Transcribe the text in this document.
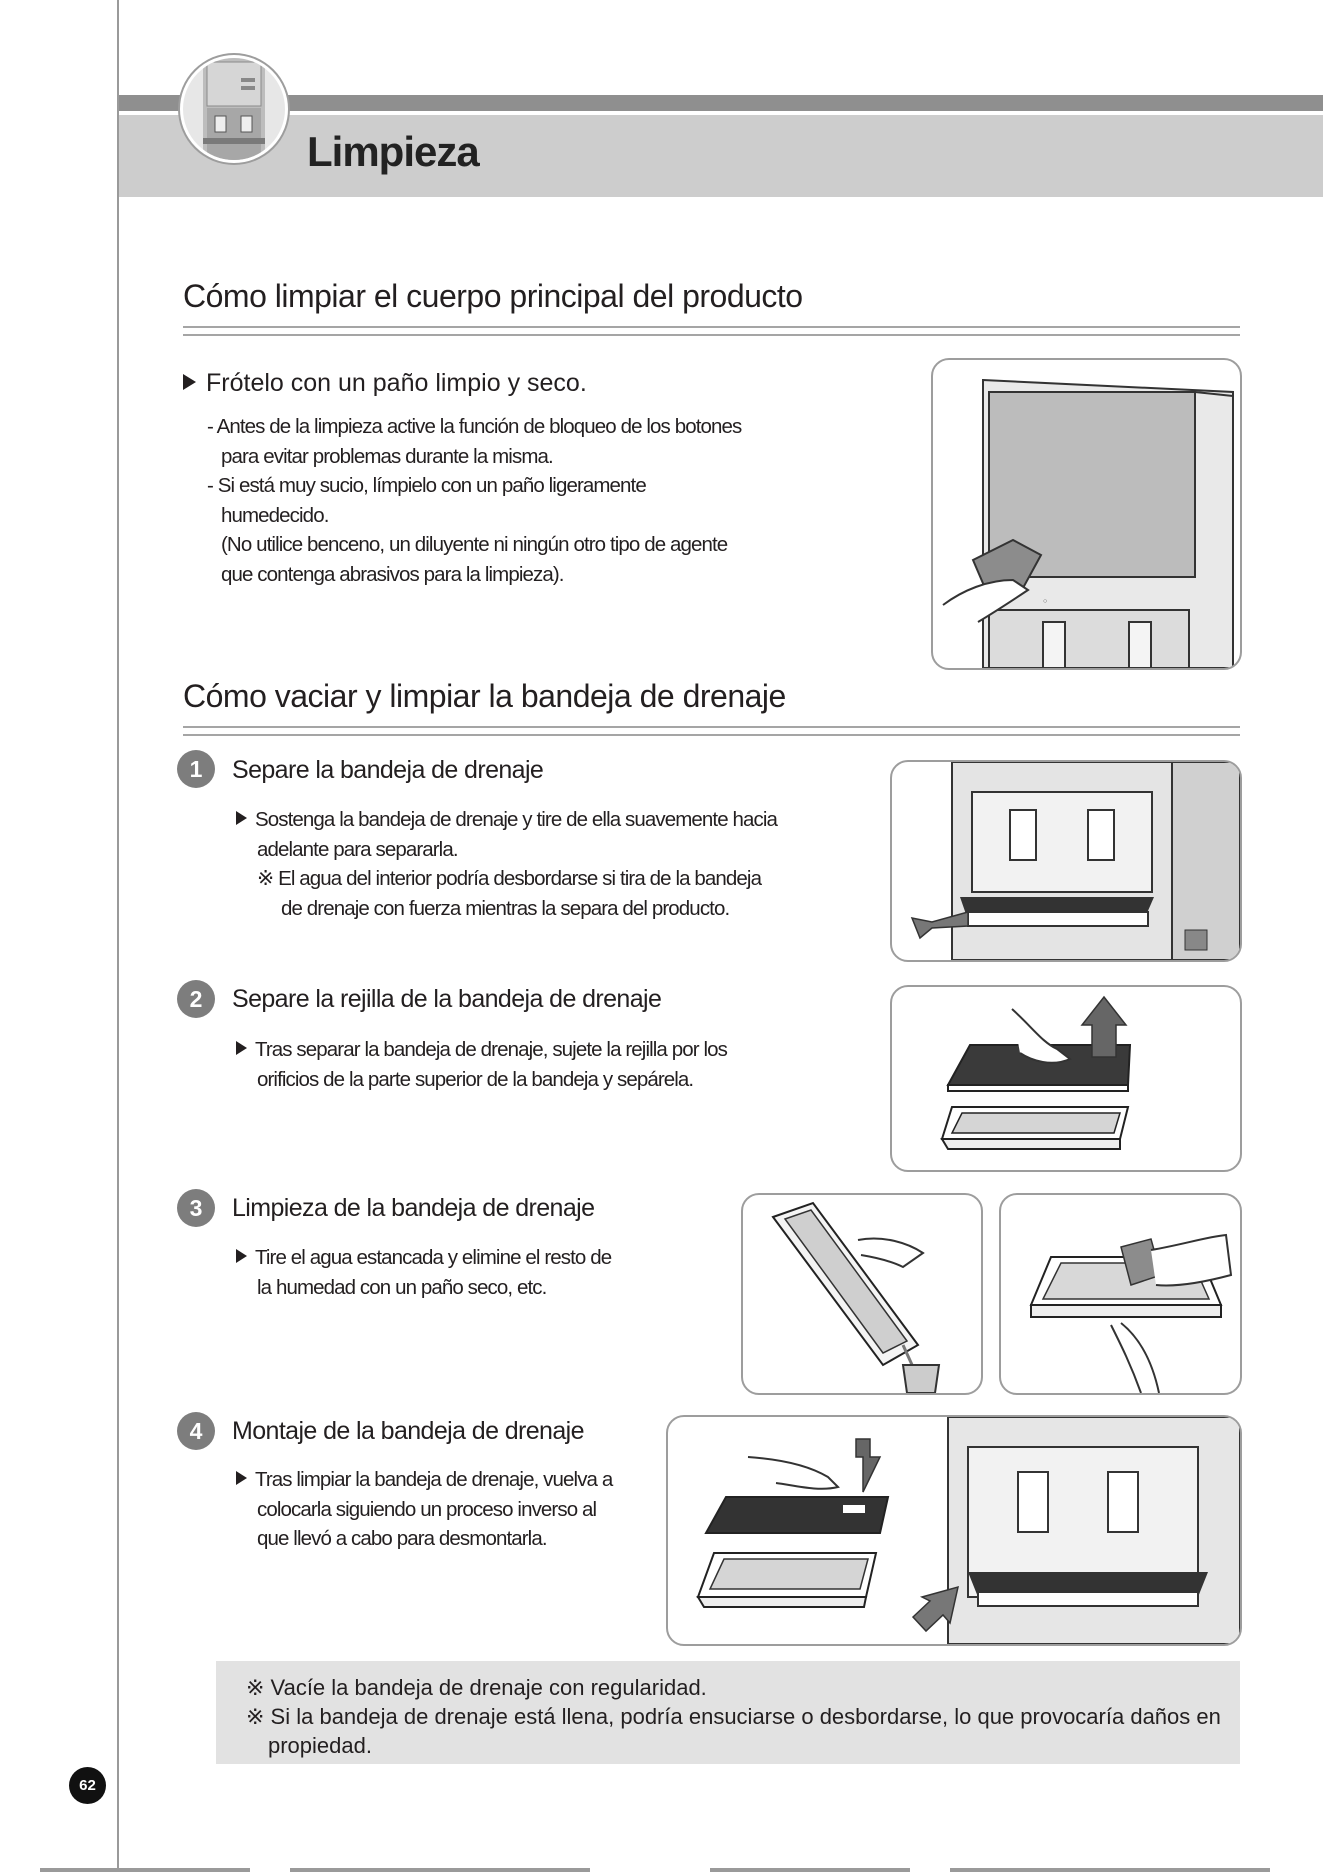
Limpieza
Cómo limpiar el cuerpo principal del producto
Frótelo con un paño limpio y seco.
- Antes de la limpieza active la función de bloqueo de los botones
para evitar problemas durante la misma.
- Si está muy sucio, límpielo con un paño ligeramente
humedecido.
(No utilice benceno, un diluyente ni ningún otro tipo de agente
que contenga abrasivos para la limpieza).
○
Cómo vaciar y limpiar la bandeja de drenaje
1	Separe la bandeja de drenaje
Sostenga la bandeja de drenaje y tire de ella suavemente hacia
adelante para separarla.
※ El agua del interior podría desbordarse si tira de la bandeja
de drenaje con fuerza mientras la separa del producto.
2	Separe la rejilla de la bandeja de drenaje
Tras separar la bandeja de drenaje, sujete la rejilla por los
orificios de la parte superior de la bandeja y sepárela.
3	Limpieza de la bandeja de drenaje
Tire el agua estancada y elimine el resto de
la humedad con un paño seco, etc.
4	Montaje de la bandeja de drenaje
Tras limpiar la bandeja de drenaje, vuelva a
colocarla siguiendo un proceso inverso al
que llevó a cabo para desmontarla.
※ Vacíe la bandeja de drenaje con regularidad.
※ Si la bandeja de drenaje está llena, podría ensuciarse o desbordarse, lo que provocaría daños en
propiedad.
62
